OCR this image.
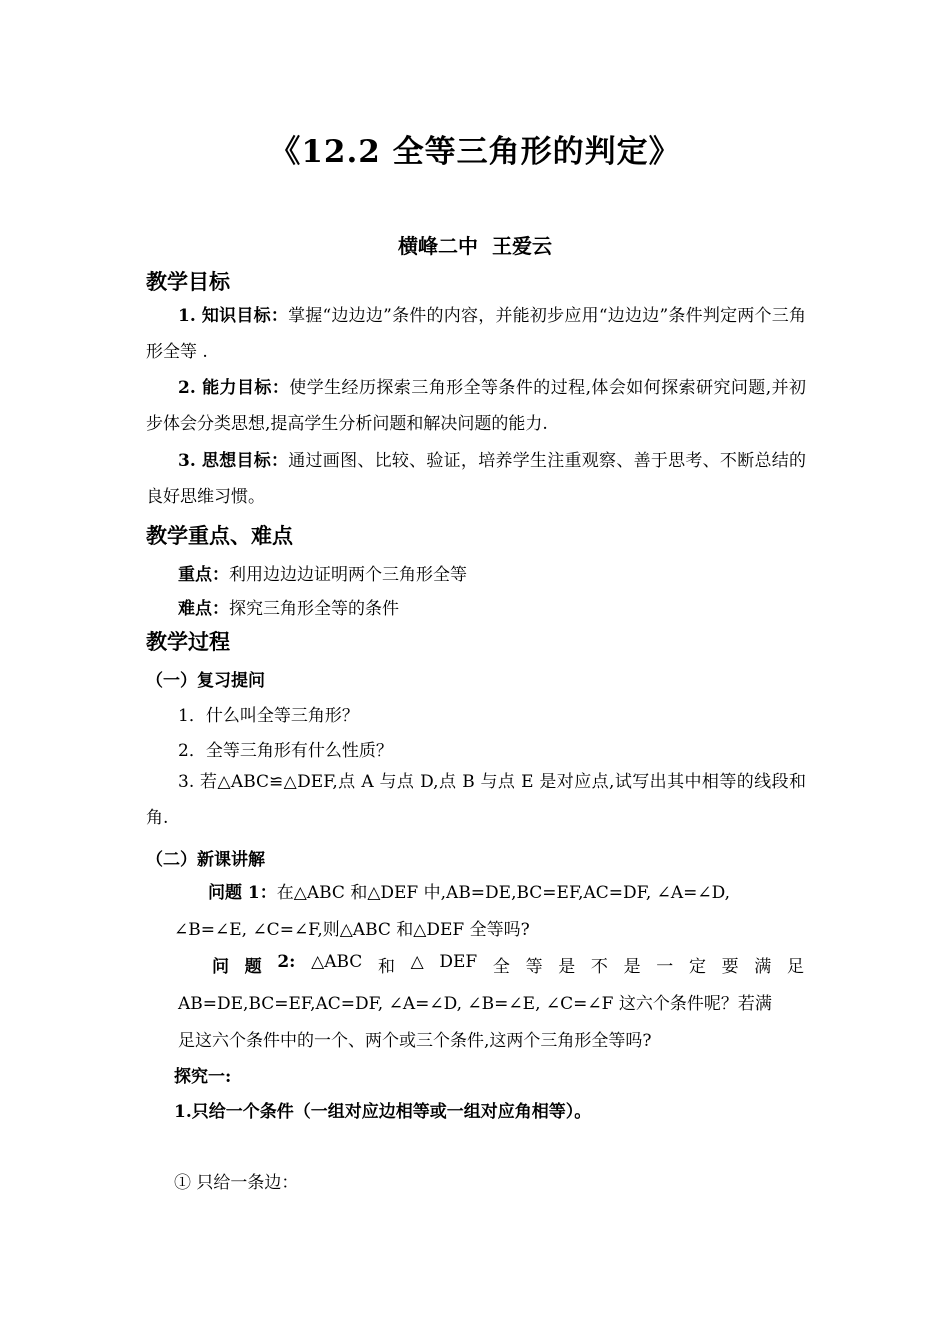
《12.2 全等三角形的判定》
横峰二中  王爱云
教学目标
1. 知识目标：掌握“边边边”条件的内容，并能初步应用“边边边”条件判定两个三角形全等 .
2. 能力目标：使学生经历探索三角形全等条件的过程,体会如何探索研究问题,并初步体会分类思想,提高学生分析问题和解决问题的能力.
3. 思想目标：通过画图、比较、验证，培养学生注重观察、善于思考、不断总结的良好思维习惯。
教学重点、难点
重点：利用边边边证明两个三角形全等
难点：探究三角形全等的条件
教学过程
（一）复习提问
1．什么叫全等三角形？
2．全等三角形有什么性质？
3. 若△ABC≌△DEF,点 A 与点 D,点 B 与点 E 是对应点,试写出其中相等的线段和角.
（二）新课讲解
问题 1：在△ABC 和△DEF 中,AB=DE,BC=EF,AC=DF, ∠A=∠D,
∠B=∠E, ∠C=∠F,则△ABC 和△DEF 全等吗?
问 题 2: △ABC 和 △ DEF 全 等 是 不 是 一 定 要 满 足
AB=DE,BC=EF,AC=DF, ∠A=∠D, ∠B=∠E, ∠C=∠F 这六个条件呢？若满
足这六个条件中的一个、两个或三个条件,这两个三角形全等吗?
探究一:
1.只给一个条件（一组对应边相等或一组对应角相等）。
① 只给一条边：
